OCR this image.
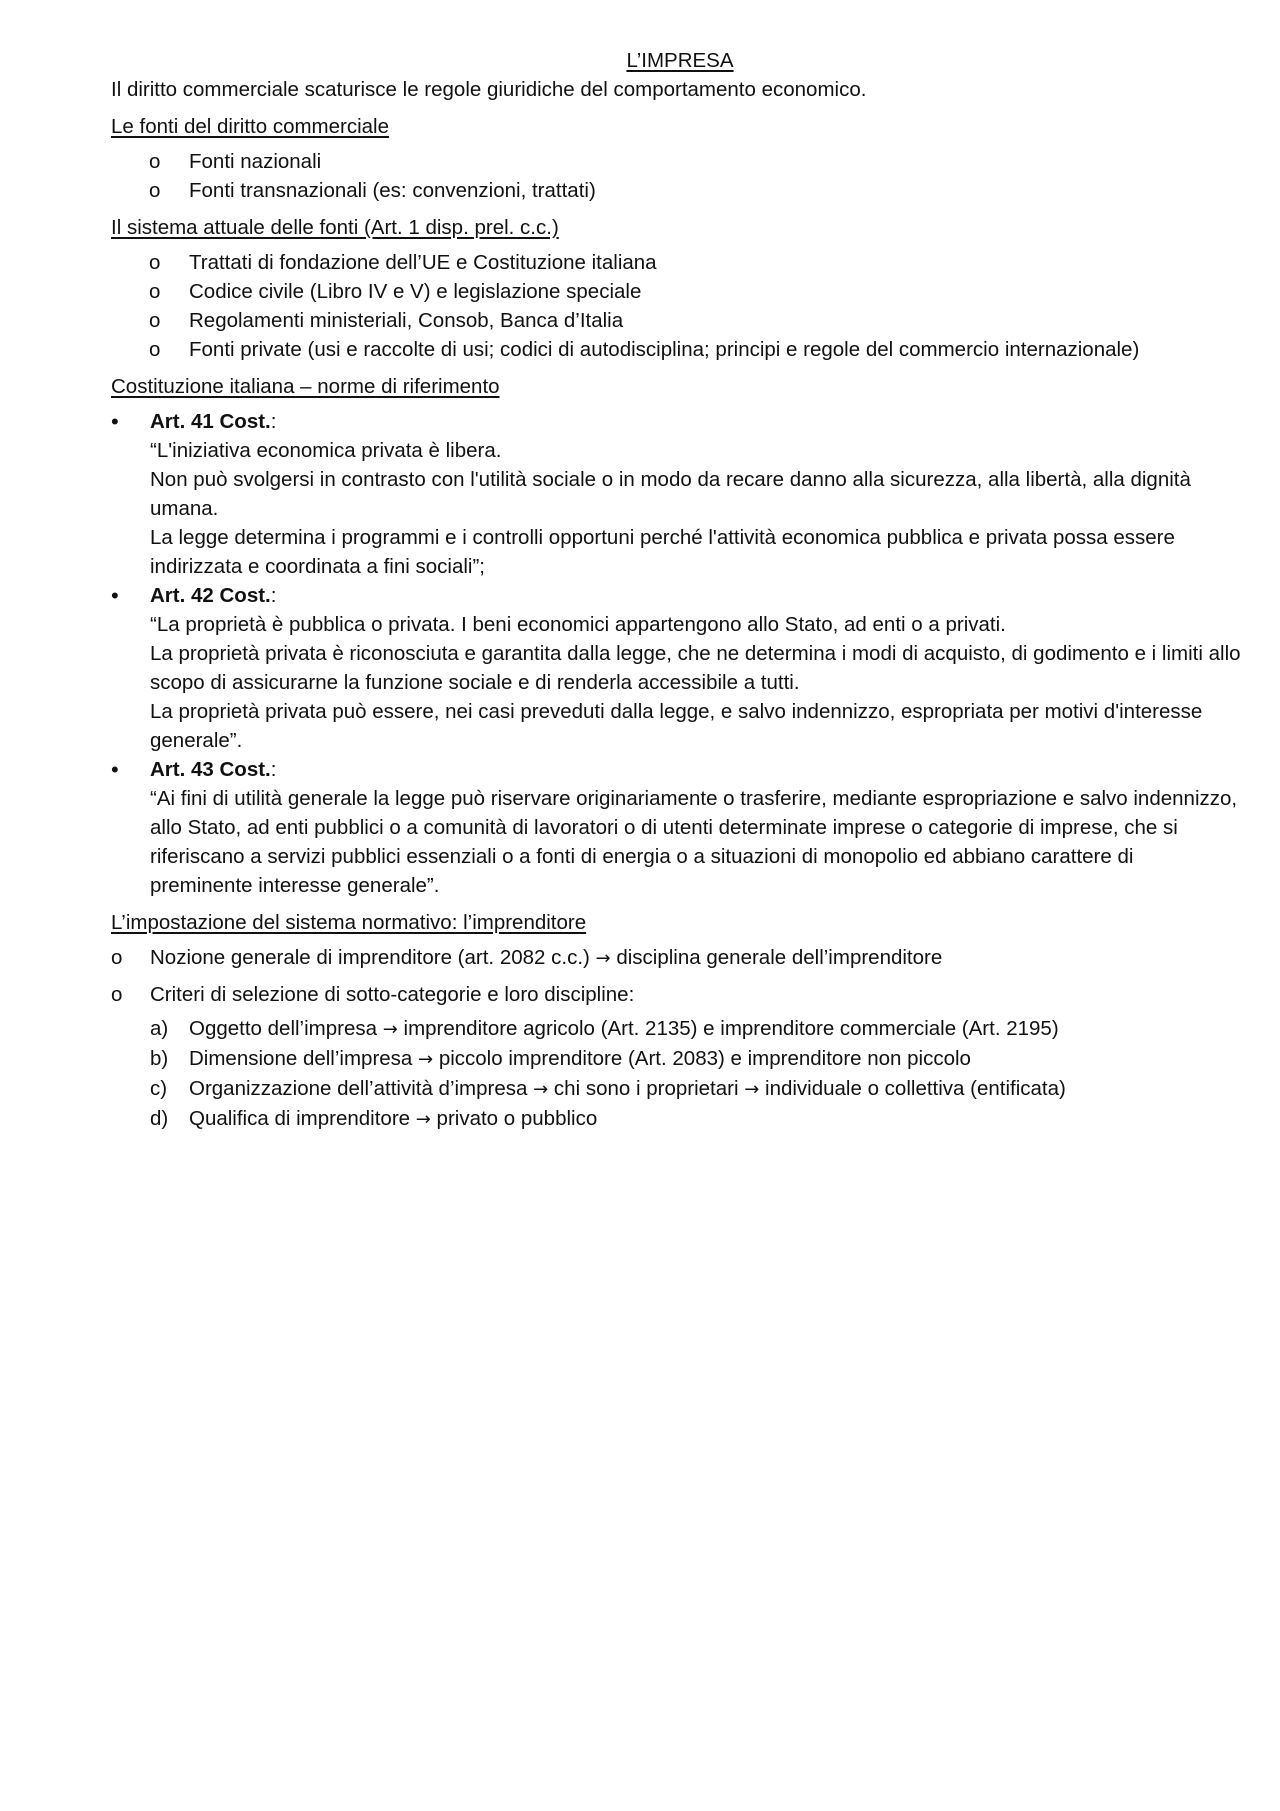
L’IMPRESA

Il diritto commerciale scaturisce le regole giuridiche del comportamento economico.

Le fonti del diritto commerciale

o Fonti nazionali
o Fonti transnazionali (es: convenzioni, trattati)

Il sistema attuale delle fonti (Art. 1 disp. prel. c.c.)

o Trattati di fondazione dell’UE e Costituzione italiana
o Codice civile (Libro IV e V) e legislazione speciale
o Regolamenti ministeriali, Consob, Banca d’Italia
o Fonti private (usi e raccolte di usi; codici di autodisciplina; principi e regole del commercio internazionale)

Costituzione italiana – norme di riferimento

• Art. 41 Cost.:

“L'iniziativa economica privata è libera.

Non può svolgersi in contrasto con l'utilità sociale o in modo da recare danno alla sicurezza, alla libertà, alla dignità umana.

La legge determina i programmi e i controlli opportuni perché l'attività economica pubblica e privata possa essere indirizzata e coordinata a fini sociali”;

• Art. 42 Cost.:

“La proprietà è pubblica o privata. I beni economici appartengono allo Stato, ad enti o a privati.

La proprietà privata è riconosciuta e garantita dalla legge, che ne determina i modi di acquisto, di godimento e i limiti allo scopo di assicurarne la funzione sociale e di renderla accessibile a tutti.

La proprietà privata può essere, nei casi preveduti dalla legge, e salvo indennizzo, espropriata per motivi d'interesse generale”.

• Art. 43 Cost.:

“Ai fini di utilità generale la legge può riservare originariamente o trasferire, mediante espropriazione e salvo indennizzo, allo Stato, ad enti pubblici o a comunità di lavoratori o di utenti determinate imprese o categorie di imprese, che si riferiscano a servizi pubblici essenziali o a fonti di energia o a situazioni di monopolio ed abbiano carattere di preminente interesse generale”.

L’impostazione del sistema normativo: l’imprenditore

o Nozione generale di imprenditore (art. 2082 c.c.) → disciplina generale dell’imprenditore
o Criteri di selezione di sotto-categorie e loro discipline:
a) Oggetto dell’impresa → imprenditore agricolo (Art. 2135) e imprenditore commerciale (Art. 2195)
b) Dimensione dell’impresa → piccolo imprenditore (Art. 2083) e imprenditore non piccolo
c) Organizzazione dell’attività d’impresa → chi sono i proprietari → individuale o collettiva (entificata)
d) Qualifica di imprenditore → privato o pubblico
